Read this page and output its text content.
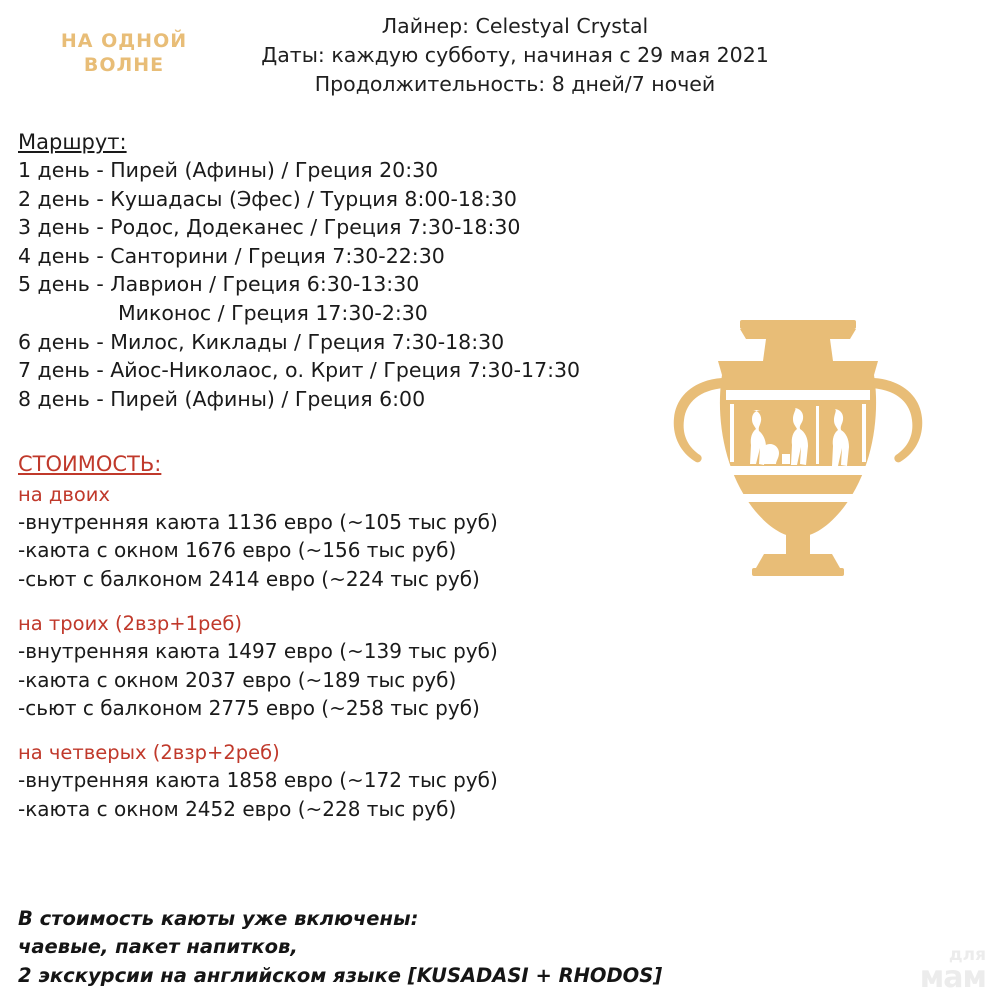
НА ОДНОЙ ВОЛНЕ
Лайнер: Celestyal Crystal
Даты: каждую субботу, начиная с 29 мая 2021
Продолжительность: 8 дней/7 ночей
Маршрут:
1 день - Пирей (Афины) / Греция 20:30
2 день - Кушадасы (Эфес) / Турция 8:00-18:30
3 день - Родос, Додеканес / Греция 7:30-18:30
4 день - Санторини / Греция 7:30-22:30
5 день - Лаврион / Греция 6:30-13:30
Миконос / Греция 17:30-2:30
6 день - Милос, Киклады / Греция 7:30-18:30
7 день - Айос-Николаос, о. Крит / Греция 7:30-17:30
8 день - Пирей (Афины) / Греция 6:00
СТОИМОСТЬ:
на двоих
-внутренняя каюта 1136 евро (~105 тыс руб)
-каюта с окном 1676 евро (~156 тыс руб)
-сьют с балконом 2414 евро (~224 тыс руб)
на троих (2взр+1реб)
-внутренняя каюта 1497 евро (~139 тыс руб)
-каюта с окном 2037 евро (~189 тыс руб)
-сьют с балконом 2775 евро (~258 тыс руб)
на четверых (2взр+2реб)
-внутренняя каюта 1858 евро (~172 тыс руб)
-каюта с окном 2452 евро (~228 тыс руб)
В стоимость каюты уже включены:
чаевые, пакет напитков,
2 экскурсии на английском языке [KUSADASI + RHODOS]
для
мам
